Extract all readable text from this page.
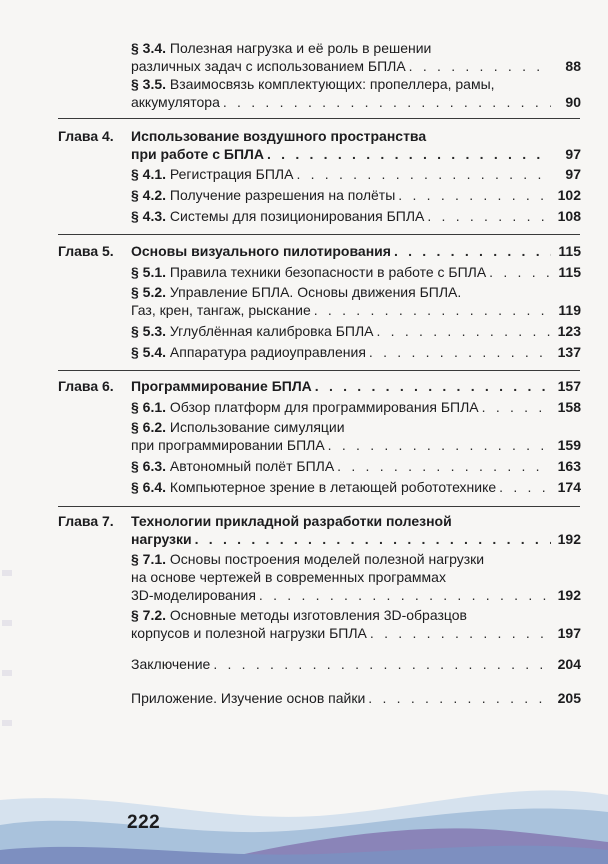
§ 3.4. Полезная нагрузка и её роль в решении
различных задач с использованием БПЛА . . .	88
§ 3.5. Взаимосвязь комплектующих: пропеллера, рамы,
аккумулятора . . .	90
Глава 4. Использование воздушного пространства
при работе с БПЛА . . .	97
§ 4.1. Регистрация БПЛА . . .	97
§ 4.2. Получение разрешения на полёты . . .	102
§ 4.3. Системы для позиционирования БПЛА . . .	108
Глава 5. Основы визуального пилотирования . . .	115
§ 5.1. Правила техники безопасности в работе с БПЛА . . .	115
§ 5.2. Управление БПЛА. Основы движения БПЛА.
Газ, крен, тангаж, рыскание . . .	119
§ 5.3. Углублённая калибровка БПЛА . . .	123
§ 5.4. Аппаратура радиоуправления . . .	137
Глава 6. Программирование БПЛА . . .	157
§ 6.1. Обзор платформ для программирования БПЛА . . .	158
§ 6.2. Использование симуляции
при программировании БПЛА . . .	159
§ 6.3. Автономный полёт БПЛА . . .	163
§ 6.4. Компьютерное зрение в летающей робототехнике . . .	174
Глава 7. Технологии прикладной разработки полезной
нагрузки . . .	192
§ 7.1. Основы построения моделей полезной нагрузки
на основе чертежей в современных программах
3D-моделирования . . .	192
§ 7.2. Основные методы изготовления 3D-образцов
корпусов и полезной нагрузки БПЛА . . .	197
Заключение . . .	204
Приложение. Изучение основ пайки . . .	205
222
